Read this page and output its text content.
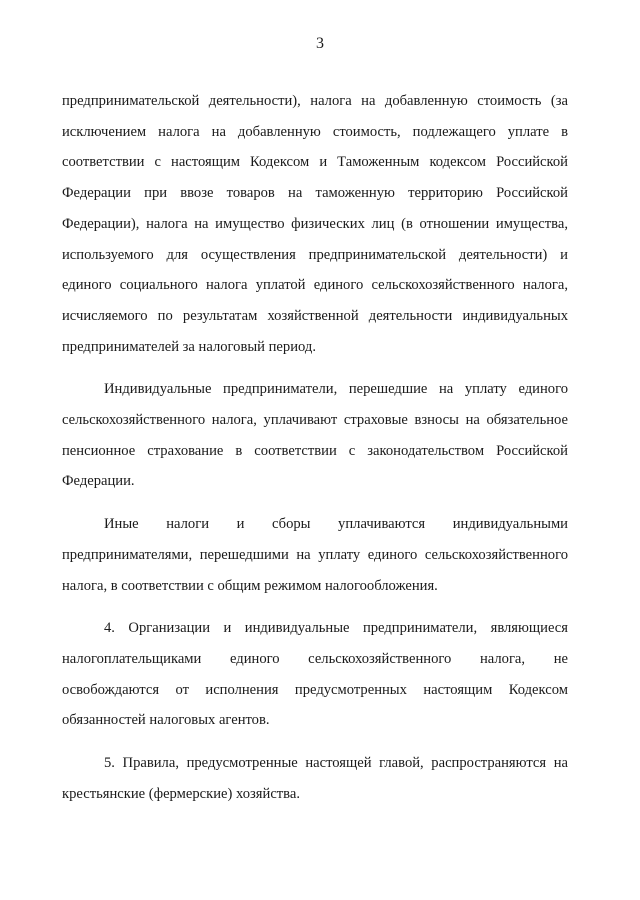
3

предпринимательской деятельности), налога на добавленную стоимость (за исключением налога на добавленную стоимость, подлежащего уплате в соответствии с настоящим Кодексом и Таможенным кодексом Российской Федерации при ввозе товаров на таможенную территорию Российской Федерации), налога на имущество физических лиц (в отношении имущества, используемого для осуществления предпринимательской деятельности) и единого социального налога уплатой единого сельскохозяйственного налога, исчисляемого по результатам хозяйственной деятельности индивидуальных предпринимателей за налоговый период.

Индивидуальные предприниматели, перешедшие на уплату единого сельскохозяйственного налога, уплачивают страховые взносы на обязательное пенсионное страхование в соответствии с законодательством Российской Федерации.

Иные налоги и сборы уплачиваются индивидуальными предпринимателями, перешедшими на уплату единого сельскохозяйственного налога, в соответствии с общим режимом налогообложения.

4. Организации и индивидуальные предприниматели, являющиеся налогоплательщиками единого сельскохозяйственного налога, не освобождаются от исполнения предусмотренных настоящим Кодексом обязанностей налоговых агентов.

5. Правила, предусмотренные настоящей главой, распространяются на крестьянские (фермерские) хозяйства.
